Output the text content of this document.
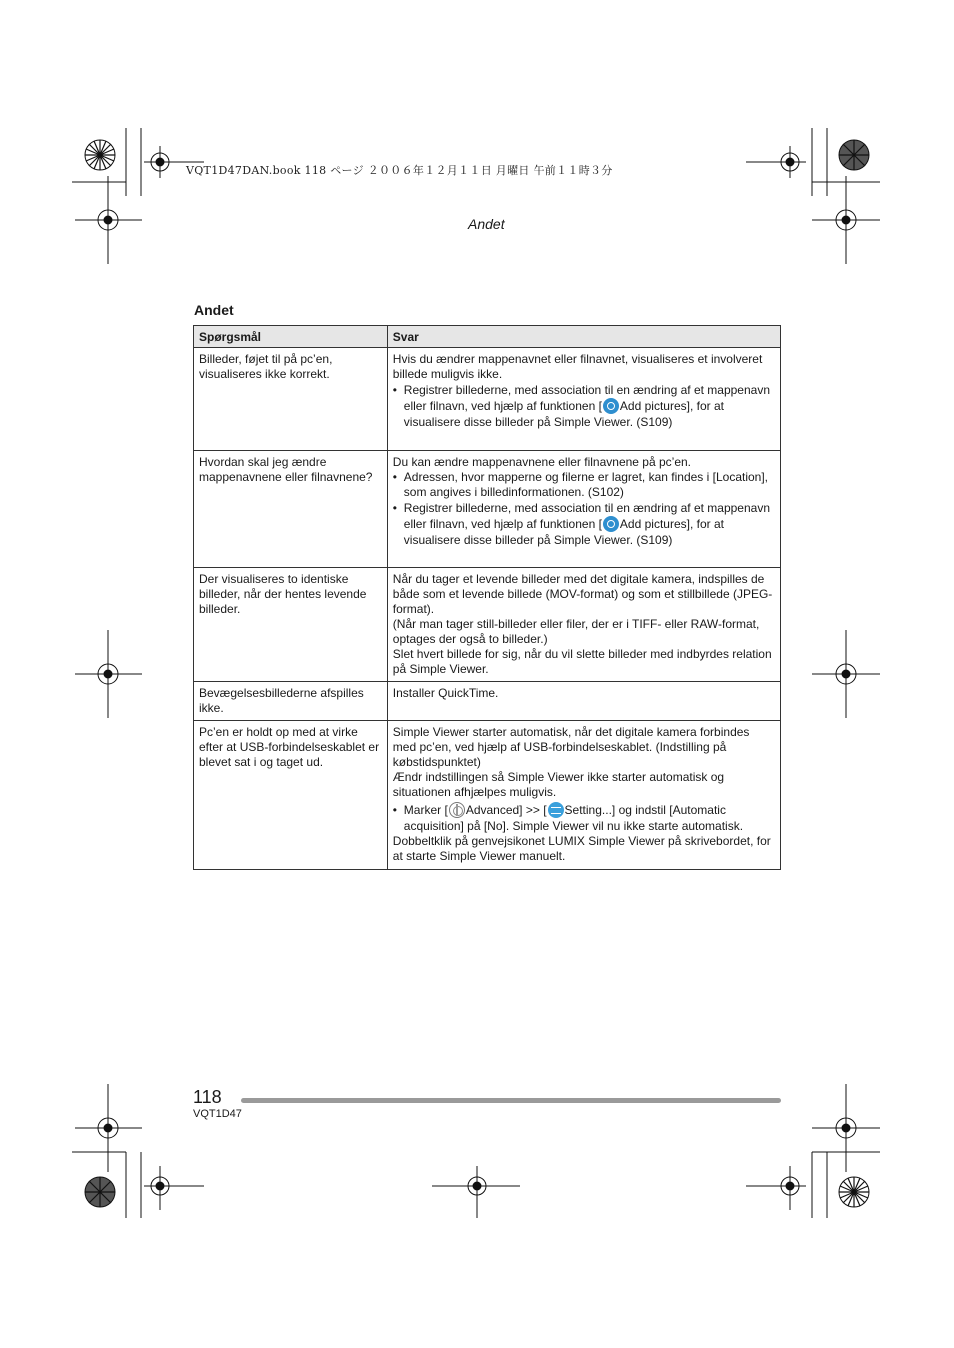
VQT1D47DAN.book 118 ページ ２００６年１２月１１日 月曜日 午前１１時３分
Andet
Andet
Spørgsmål	Svar

Billeder, føjet til på pc’en, visualiseres ikke korrekt.	Hvis du ændrer mappenavnet eller filnavnet, visualiseres et involveret billede muligvis ikke.
• Registrer billederne, med association til en ændring af et mappenavn eller filnavn, ved hjælp af funktionen [ Add pictures], for at visualisere disse billeder på Simple Viewer. (S109)

Hvordan skal jeg ændre mappenavnene eller filnavnene?	Du kan ændre mappenavnene eller filnavnene på pc’en.
• Adressen, hvor mapperne og filerne er lagret, kan findes i [Location], som angives i billedinformationen. (S102)
• Registrer billederne, med association til en ændring af et mappenavn eller filnavn, ved hjælp af funktionen [ Add pictures], for at visualisere disse billeder på Simple Viewer. (S109)

Der visualiseres to identiske billeder, når der hentes levende billeder.	Når du tager et levende billeder med det digitale kamera, indspilles de både som et levende billede (MOV-format) og som et stillbillede (JPEG-format).
(Når man tager still-billeder eller filer, der er i TIFF- eller RAW-format, optages der også to billeder.)
Slet hvert billede for sig, når du vil slette billeder med indbyrdes relation på Simple Viewer.

Bevægelsesbillederne afspilles ikke.	Installer QuickTime.

Pc’en er holdt op med at virke efter at USB-forbindelseskablet er blevet sat i og taget ud.	Simple Viewer starter automatisk, når det digitale kamera forbindes med pc’en, ved hjælp af USB-forbindelseskablet. (Indstilling på købstidspunktet)
Ændr indstillingen så Simple Viewer ikke starter automatisk og situationen afhjælpes muligvis.
• Marker [ Advanced] >> [ Setting...] og indstil [Automatic acquisition] på [No]. Simple Viewer vil nu ikke starte automatisk.
Dobbeltklik på genvejsikonet LUMIX Simple Viewer på skrivebordet, for at starte Simple Viewer manuelt.
118
VQT1D47
